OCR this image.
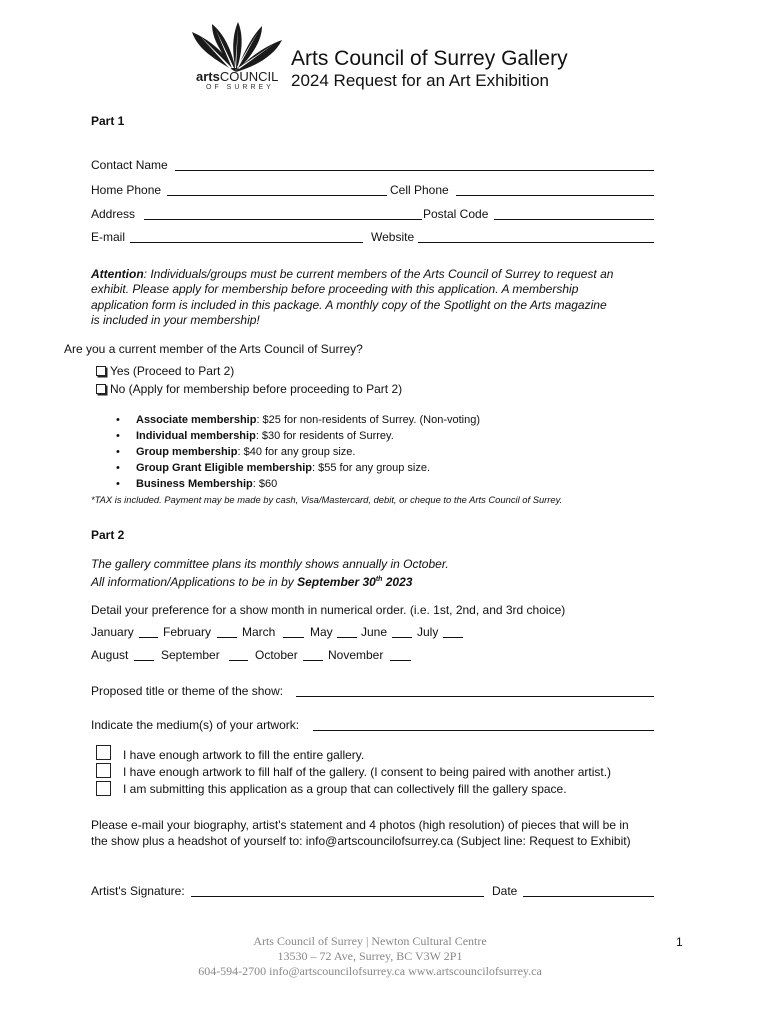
artsCOUNCIL
OF SURREY
Arts Council of Surrey Gallery
2024 Request for an Art Exhibition
Part 1
Contact Name
Home Phone	Cell Phone
Address	Postal Code
E-mail	Website
Attention: Individuals/groups must be current members of the Arts Council of Surrey to request an
exhibit. Please apply for membership before proceeding with this application. A membership
application form is included in this package. A monthly copy of the Spotlight on the Arts magazine
is included in your membership!
Are you a current member of the Arts Council of Surrey?
Yes (Proceed to Part 2)
No (Apply for membership before proceeding to Part 2)
• Associate membership: $25 for non-residents of Surrey. (Non-voting)
• Individual membership: $30 for residents of Surrey.
• Group membership: $40 for any group size.
• Group Grant Eligible membership: $55 for any group size.
• Business Membership: $60
*TAX is included. Payment may be made by cash, Visa/Mastercard, debit, or cheque to the Arts Council of Surrey.
Part 2
The gallery committee plans its monthly shows annually in October.
All information/Applications to be in by September 30th 2023
Detail your preference for a show month in numerical order. (i.e. 1st, 2nd, and 3rd choice)
January February	March	May June July
August	September	October	November
Proposed title or theme of the show:
Indicate the medium(s) of your artwork:
I have enough artwork to fill the entire gallery.
I have enough artwork to fill half of the gallery. (I consent to being paired with another artist.)
I am submitting this application as a group that can collectively fill the gallery space.
Please e-mail your biography, artist's statement and 4 photos (high resolution) of pieces that will be in
the show plus a headshot of yourself to: info@artscouncilofsurrey.ca (Subject line: Request to Exhibit)
Artist's Signature:	Date
Arts Council of Surrey | Newton Cultural Centre
13530 – 72 Ave, Surrey, BC V3W 2P1
604-594-2700 info@artscouncilofsurrey.ca www.artscouncilofsurrey.ca
1
